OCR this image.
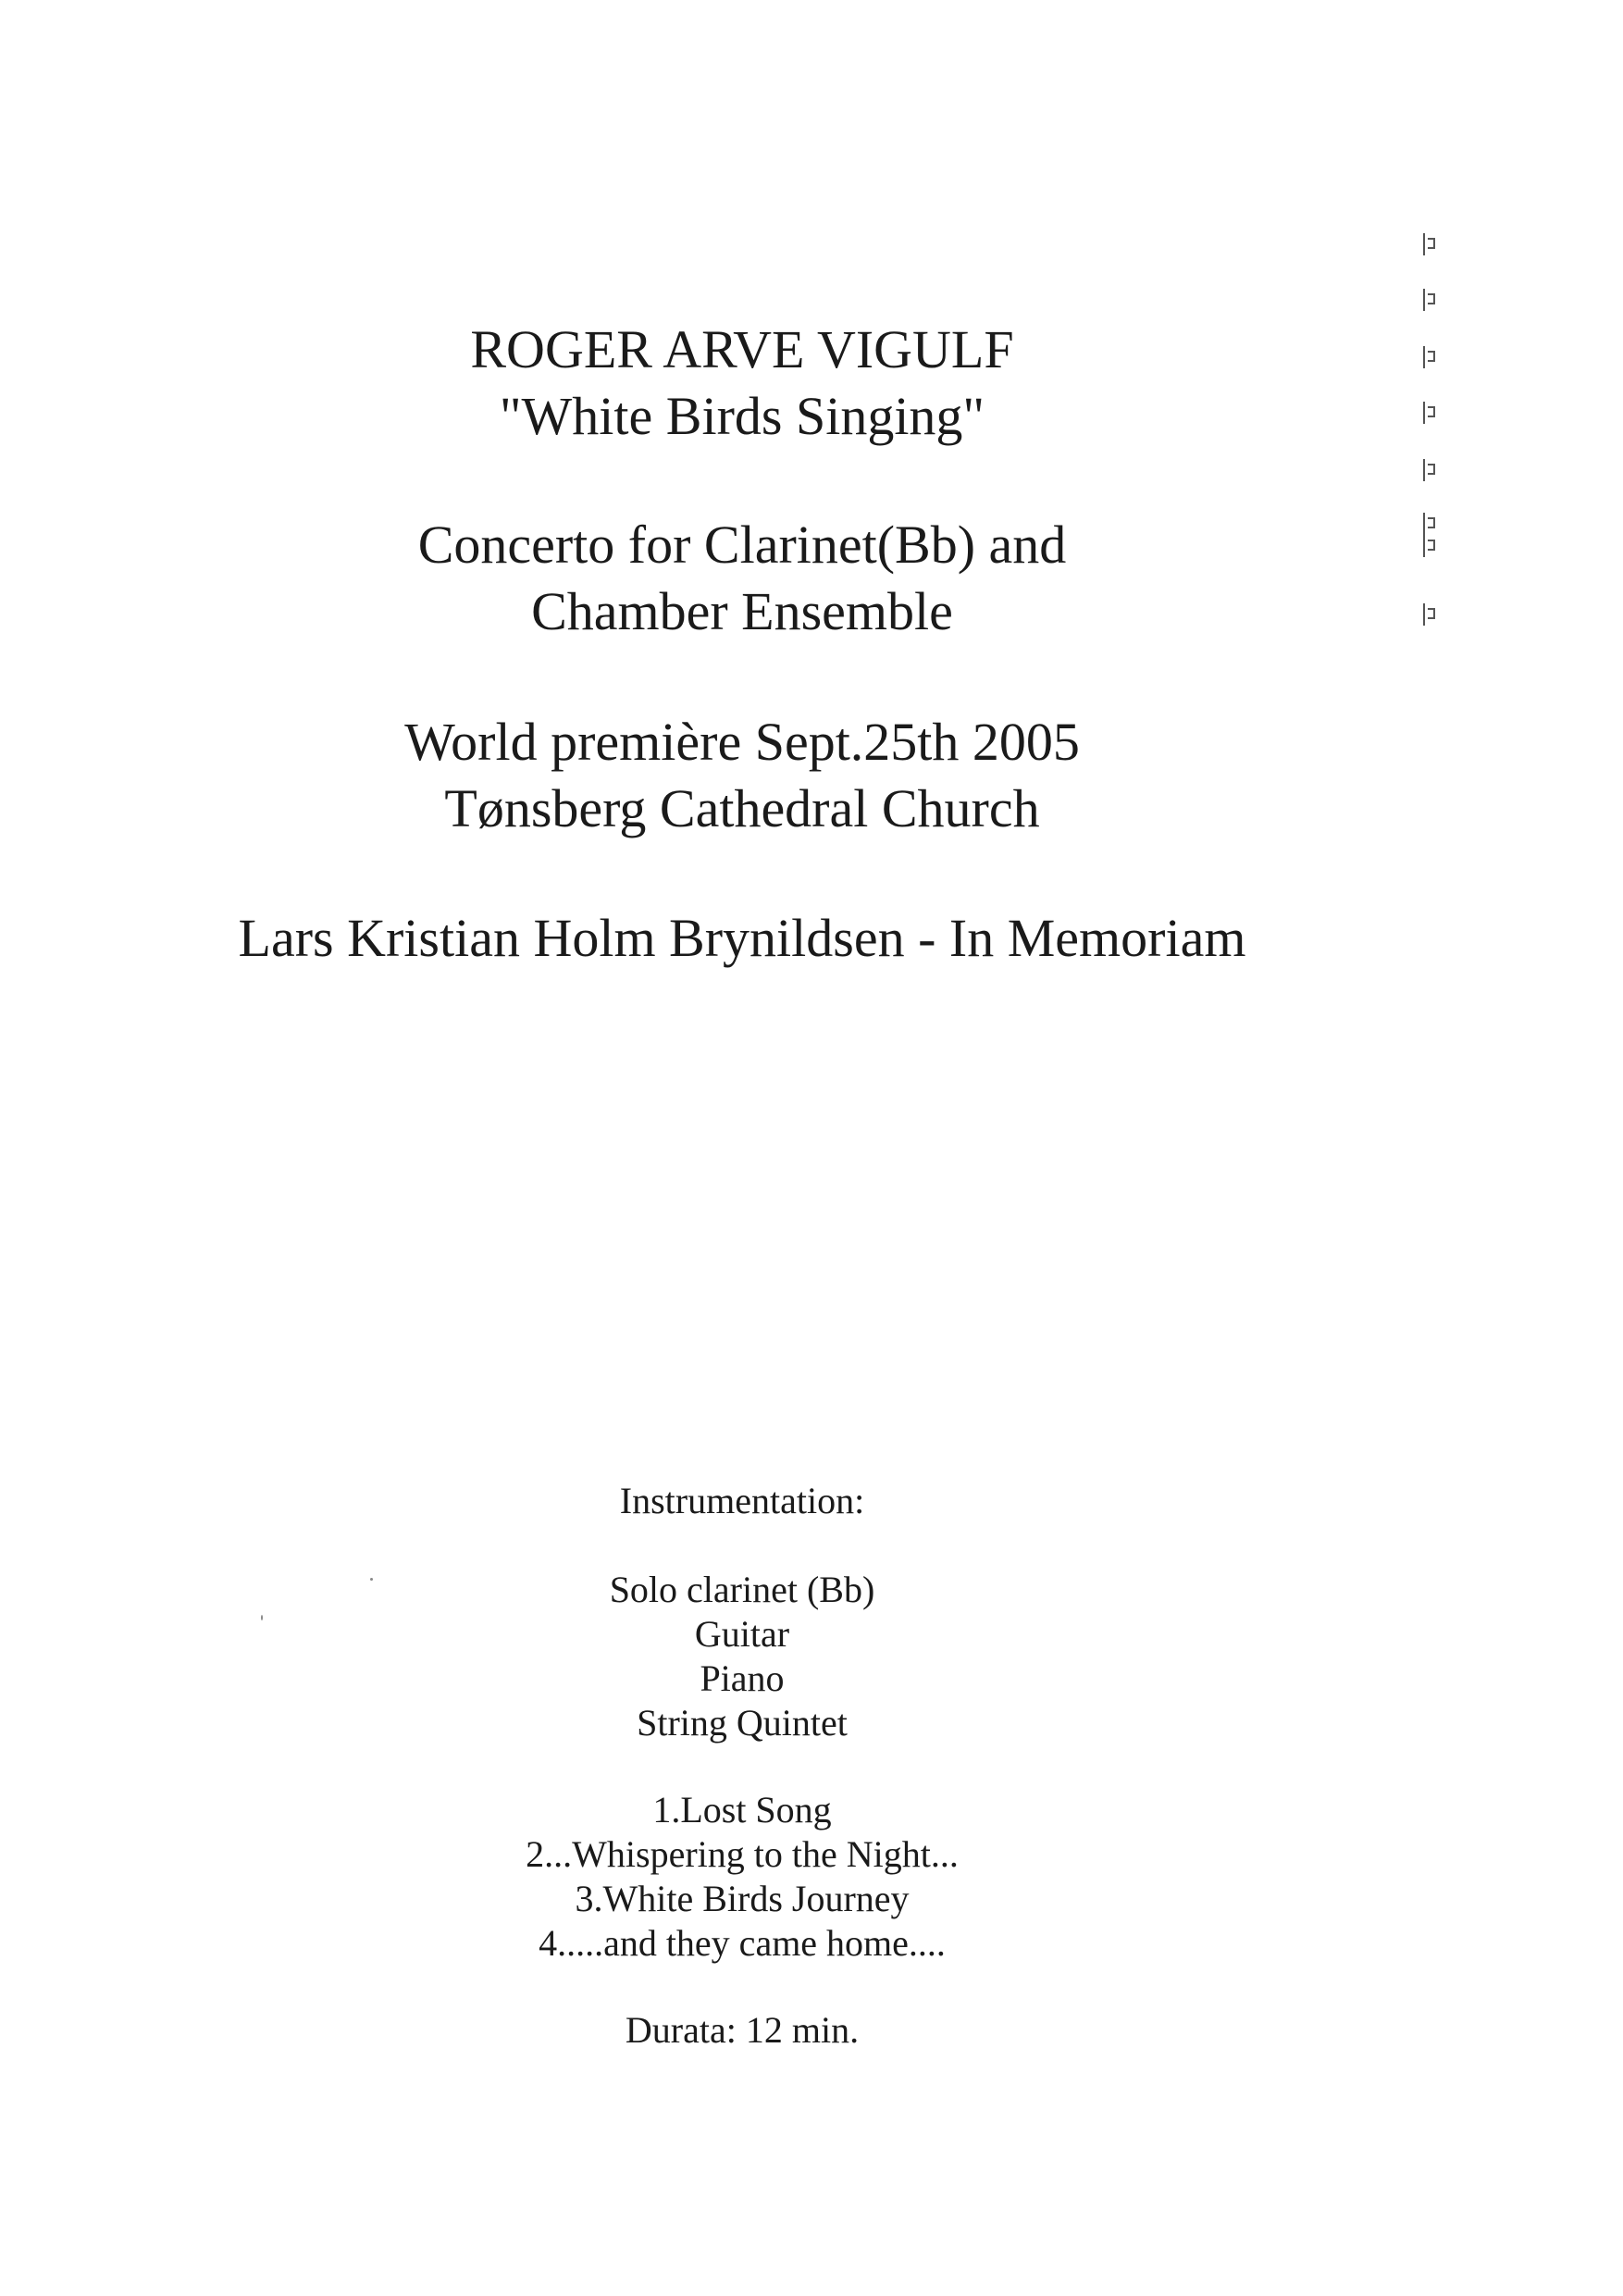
ROGER ARVE VIGULF
"White Birds Singing"
Concerto for Clarinet(Bb) and
Chamber Ensemble
World première Sept.25th 2005
Tønsberg Cathedral Church
Lars Kristian Holm Brynildsen - In Memoriam
Instrumentation:
Solo clarinet (Bb)
Guitar
Piano
String Quintet
1.Lost Song
2...Whispering to the Night...
3.White Birds Journey
4.....and they came home....
Durata: 12 min.
